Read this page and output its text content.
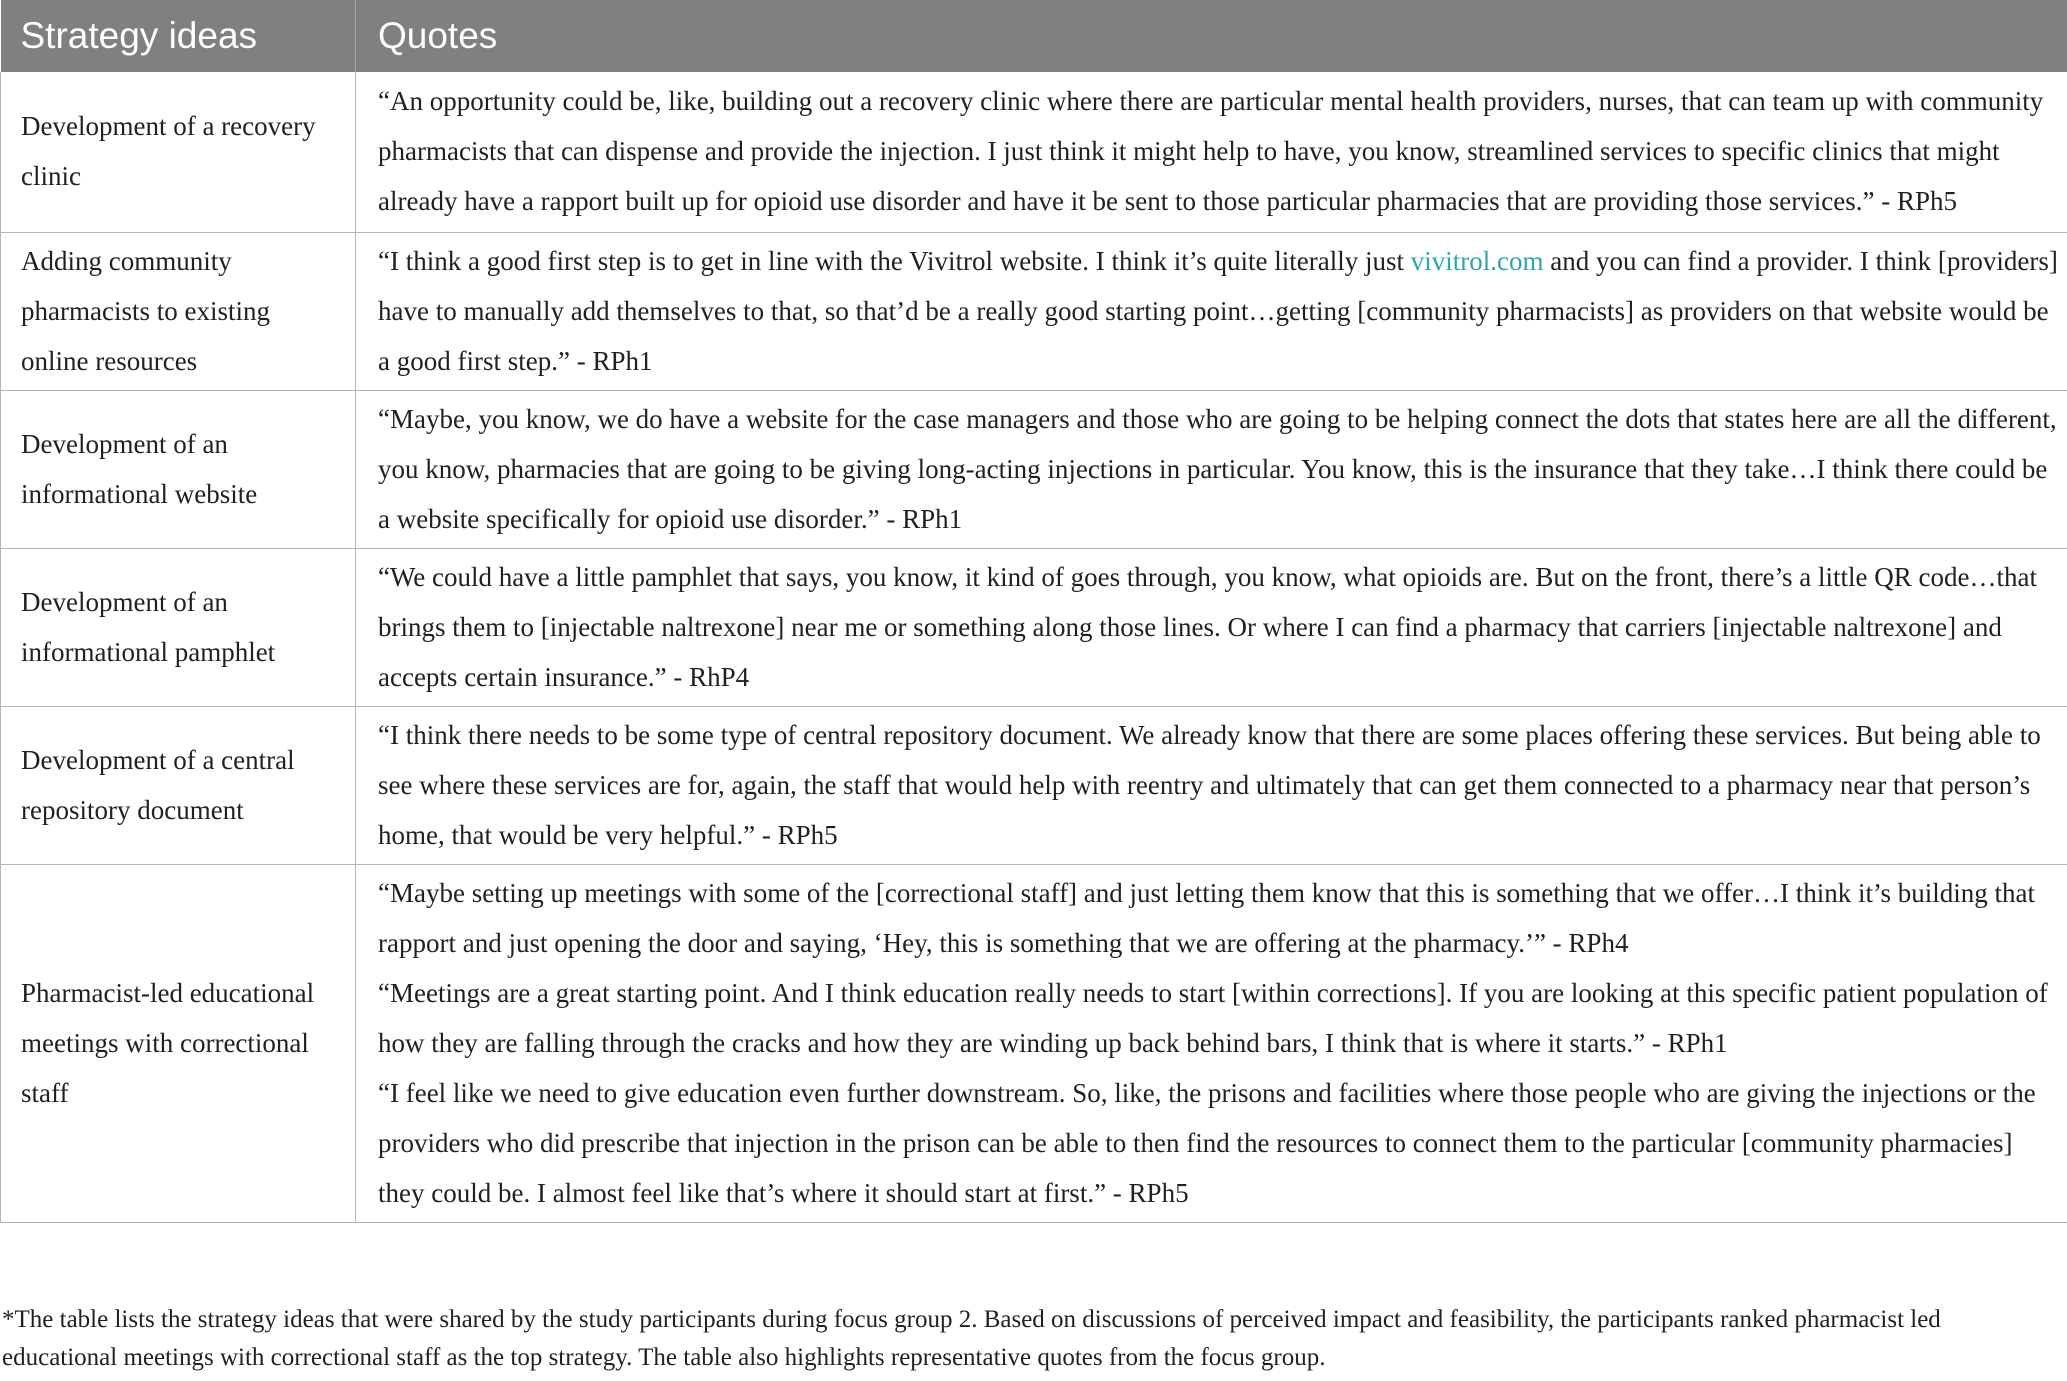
Strategy ideas	Quotes
Development of a recovery clinic	“An opportunity could be, like, building out a recovery clinic where there are particular mental health providers, nurses, that can team up with community pharmacists that can dispense and provide the injection. I just think it might help to have, you know, streamlined services to specific clinics that might already have a rapport built up for opioid use disorder and have it be sent to those particular pharmacies that are providing those services.” - RPh5

Adding community pharmacists to existing online resources	“I think a good first step is to get in line with the Vivitrol website. I think it’s quite literally just vivitrol.com and you can find a provider. I think [providers] have to manually add themselves to that, so that’d be a really good starting point…getting [community pharmacists] as providers on that website would be a good first step.” - RPh1

Development of an informational website	“Maybe, you know, we do have a website for the case managers and those who are going to be helping connect the dots that states here are all the different, you know, pharmacies that are going to be giving long-acting injections in particular. You know, this is the insurance that they take…I think there could be a website specifically for opioid use disorder.” - RPh1

Development of an informational pamphlet	“We could have a little pamphlet that says, you know, it kind of goes through, you know, what opioids are. But on the front, there’s a little QR code…that brings them to [injectable naltrexone] near me or something along those lines. Or where I can find a pharmacy that carriers [injectable naltrexone] and accepts certain insurance.” - RhP4

Development of a central repository document	“I think there needs to be some type of central repository document. We already know that there are some places offering these services. But being able to see where these services are for, again, the staff that would help with reentry and ultimately that can get them connected to a pharmacy near that person’s home, that would be very helpful.” - RPh5

Pharmacist-led educational meetings with correctional staff	“Maybe setting up meetings with some of the [correctional staff] and just letting them know that this is something that we offer…I think it’s building that rapport and just opening the door and saying, ‘Hey, this is something that we are offering at the pharmacy.’” - RPh4
“Meetings are a great starting point. And I think education really needs to start [within corrections]. If you are looking at this specific patient population of how they are falling through the cracks and how they are winding up back behind bars, I think that is where it starts.” - RPh1
“I feel like we need to give education even further downstream. So, like, the prisons and facilities where those people who are giving the injections or the providers who did prescribe that injection in the prison can be able to then find the resources to connect them to the particular [community pharmacies] they could be. I almost feel like that’s where it should start at first.” - RPh5
*The table lists the strategy ideas that were shared by the study participants during focus group 2. Based on discussions of perceived impact and feasibility, the participants ranked pharmacist led educational meetings with correctional staff as the top strategy. The table also highlights representative quotes from the focus group.
